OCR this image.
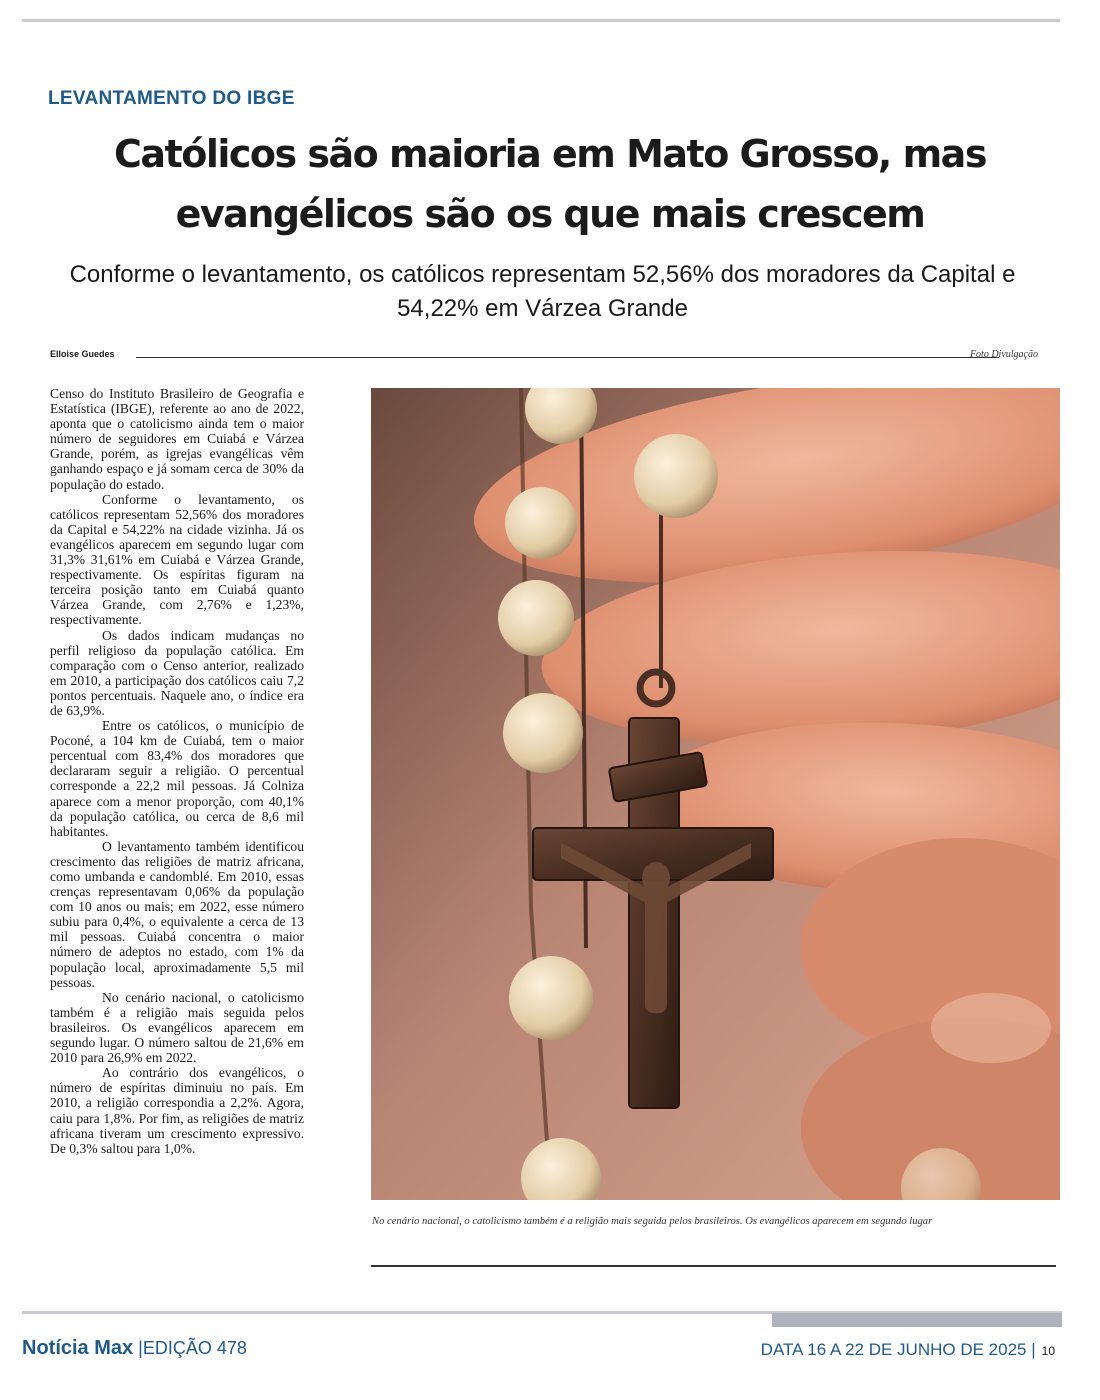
LEVANTAMENTO DO IBGE
Católicos são maioria em Mato Grosso, mas evangélicos são os que mais crescem

Conforme o levantamento, os católicos representam 52,56% dos moradores da Capital e 54,22% em Várzea Grande

Elloise Guedes	Foto Divulgação

Censo do Instituto Brasileiro de Geografia e Estatística (IBGE), referente ao ano de 2022, aponta que o catolicismo ainda tem o maior número de seguidores em Cuiabá e Várzea Grande, porém, as igrejas evangélicas vêm ganhando espaço e já somam cerca de 30% da população do estado.

Conforme o levantamento, os católicos representam 52,56% dos moradores da Capital e 54,22% na cidade vizinha. Já os evangélicos aparecem em segundo lugar com 31,3% 31,61% em Cuiabá e Várzea Grande, respectivamente. Os espíritas figuram na terceira posição tanto em Cuiabá quanto Várzea Grande, com 2,76% e 1,23%, respectivamente.

Os dados indicam mudanças no perfil religioso da população católica. Em comparação com o Censo anterior, realizado em 2010, a participação dos católicos caiu 7,2 pontos percentuais. Naquele ano, o índice era de 63,9%.

Entre os católicos, o município de Poconé, a 104 km de Cuiabá, tem o maior percentual com 83,4% dos moradores que declararam seguir a religião. O percentual corresponde a 22,2 mil pessoas. Já Colniza aparece com a menor proporção, com 40,1% da população católica, ou cerca de 8,6 mil habitantes.

O levantamento também identificou crescimento das religiões de matriz africana, como umbanda e candomblé. Em 2010, essas crenças representavam 0,06% da população com 10 anos ou mais; em 2022, esse número subiu para 0,4%, o equivalente a cerca de 13 mil pessoas. Cuiabá concentra o maior número de adeptos no estado, com 1% da população local, aproximadamente 5,5 mil pessoas.

No cenário nacional, o catolicismo também é a religião mais seguida pelos brasileiros. Os evangélicos aparecem em segundo lugar. O número saltou de 21,6% em 2010 para 26,9% em 2022.

Ao contrário dos evangélicos, o número de espíritas diminuiu no país. Em 2010, a religião correspondia a 2,2%. Agora, caiu para 1,8%. Por fim, as religiões de matriz africana tiveram um crescimento expressivo. De 0,3% saltou para 1,0%.

No cenário nacional, o catolicismo também é a religião mais seguida pelos brasileiros. Os evangélicos aparecem em segundo lugar
Notícia Max |EDIÇÃO 478	DATA 16 A 22 DE JUNHO DE 2025 | 10
